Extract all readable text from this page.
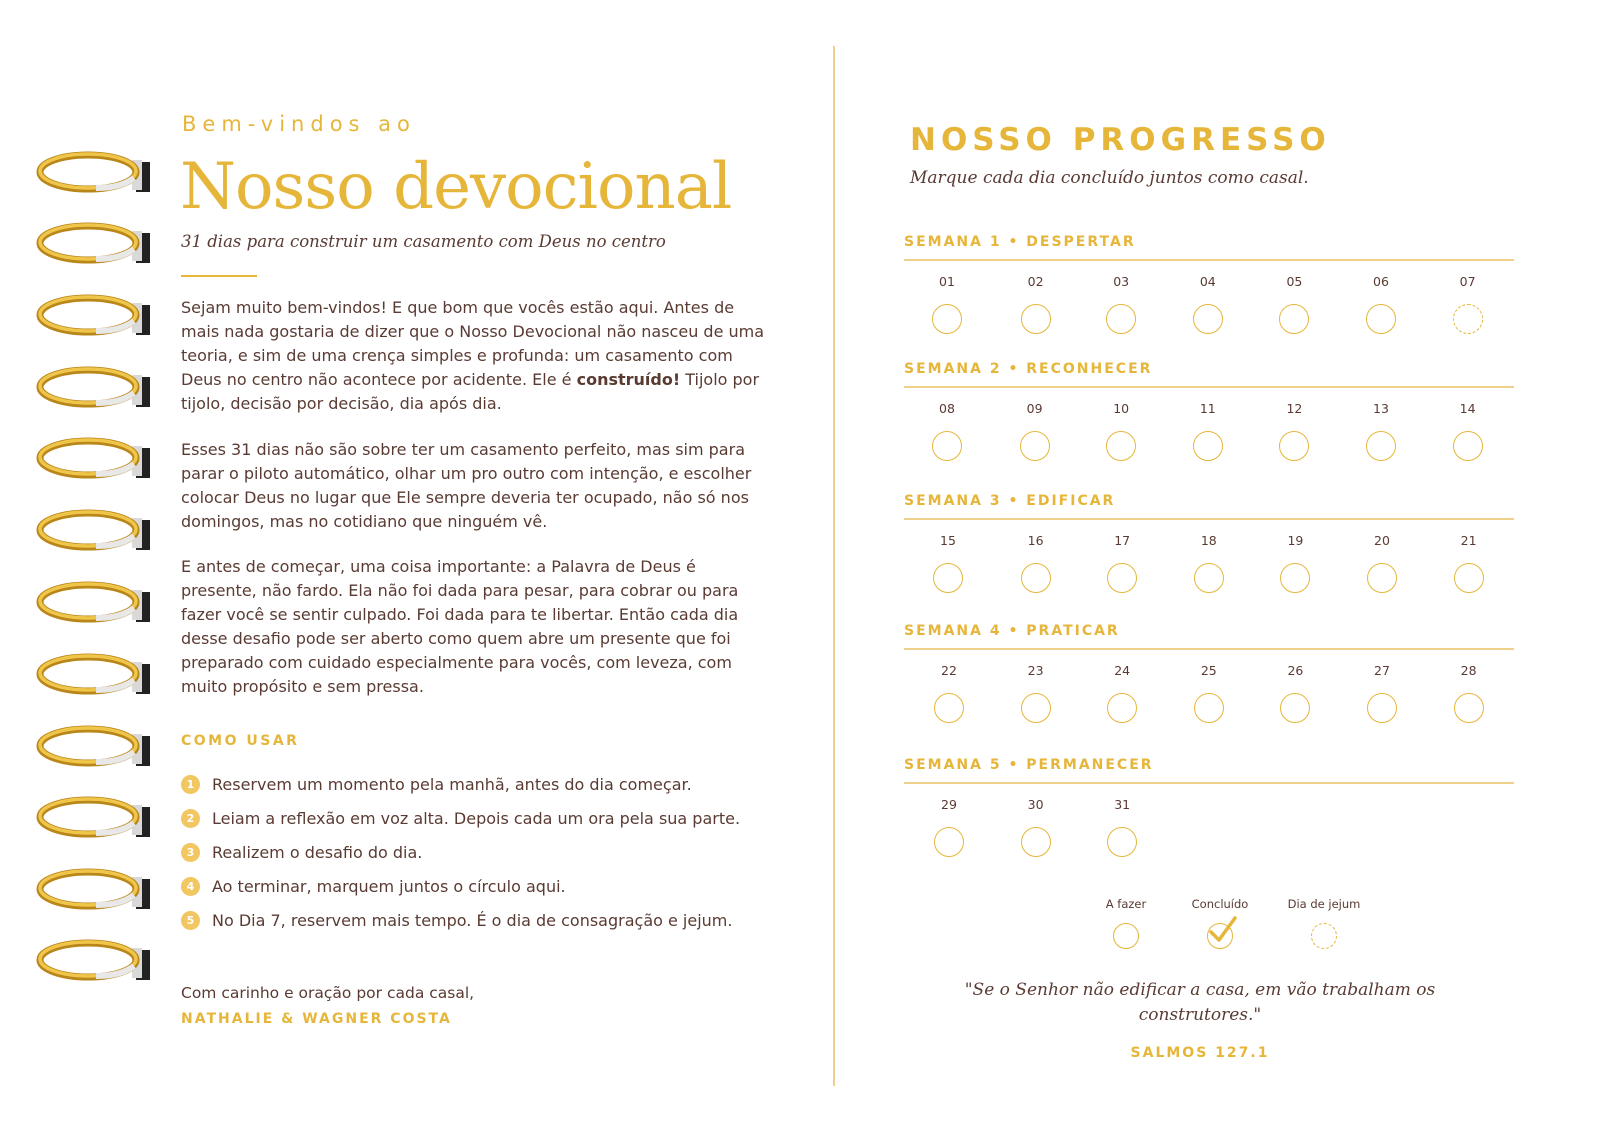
Bem-vindos ao
Nosso devocional
31 dias para construir um casamento com Deus no centro
Sejam muito bem-vindos! E que bom que vocês estão aqui. Antes de mais nada gostaria de dizer que o Nosso Devocional não nasceu de uma teoria, e sim de uma crença simples e profunda: um casamento com Deus no centro não acontece por acidente. Ele é construído! Tijolo por tijolo, decisão por decisão, dia após dia.
Esses 31 dias não são sobre ter um casamento perfeito, mas sim para parar o piloto automático, olhar um pro outro com intenção, e escolher colocar Deus no lugar que Ele sempre deveria ter ocupado, não só nos domingos, mas no cotidiano que ninguém vê.
E antes de começar, uma coisa importante: a Palavra de Deus é presente, não fardo. Ela não foi dada para pesar, para cobrar ou para fazer você se sentir culpado. Foi dada para te libertar. Então cada dia desse desafio pode ser aberto como quem abre um presente que foi preparado com cuidado especialmente para vocês, com leveza, com muito propósito e sem pressa.
COMO USAR
1	Reservem um momento pela manhã, antes do dia começar.
2	Leiam a reflexão em voz alta. Depois cada um ora pela sua parte.
3	Realizem o desafio do dia.
4	Ao terminar, marquem juntos o círculo aqui.
5	No Dia 7, reservem mais tempo. É o dia de consagração e jejum.
Com carinho e oração por cada casal,
NATHALIE & WAGNER COSTA
NOSSO PROGRESSO
Marque cada dia concluído juntos como casal.
SEMANA 1 • DESPERTAR
01	02	03	04	05	06	07
SEMANA 2 • RECONHECER
08	09	10	11	12	13	14
SEMANA 3 • EDIFICAR
15	16	17	18	19	20	21
SEMANA 4 • PRATICAR
22	23	24	25	26	27	28
SEMANA 5 • PERMANECER
29	30	31
A fazer	Concluído	Dia de jejum
"Se o Senhor não edificar a casa, em vão trabalham os construtores."
SALMOS 127.1
